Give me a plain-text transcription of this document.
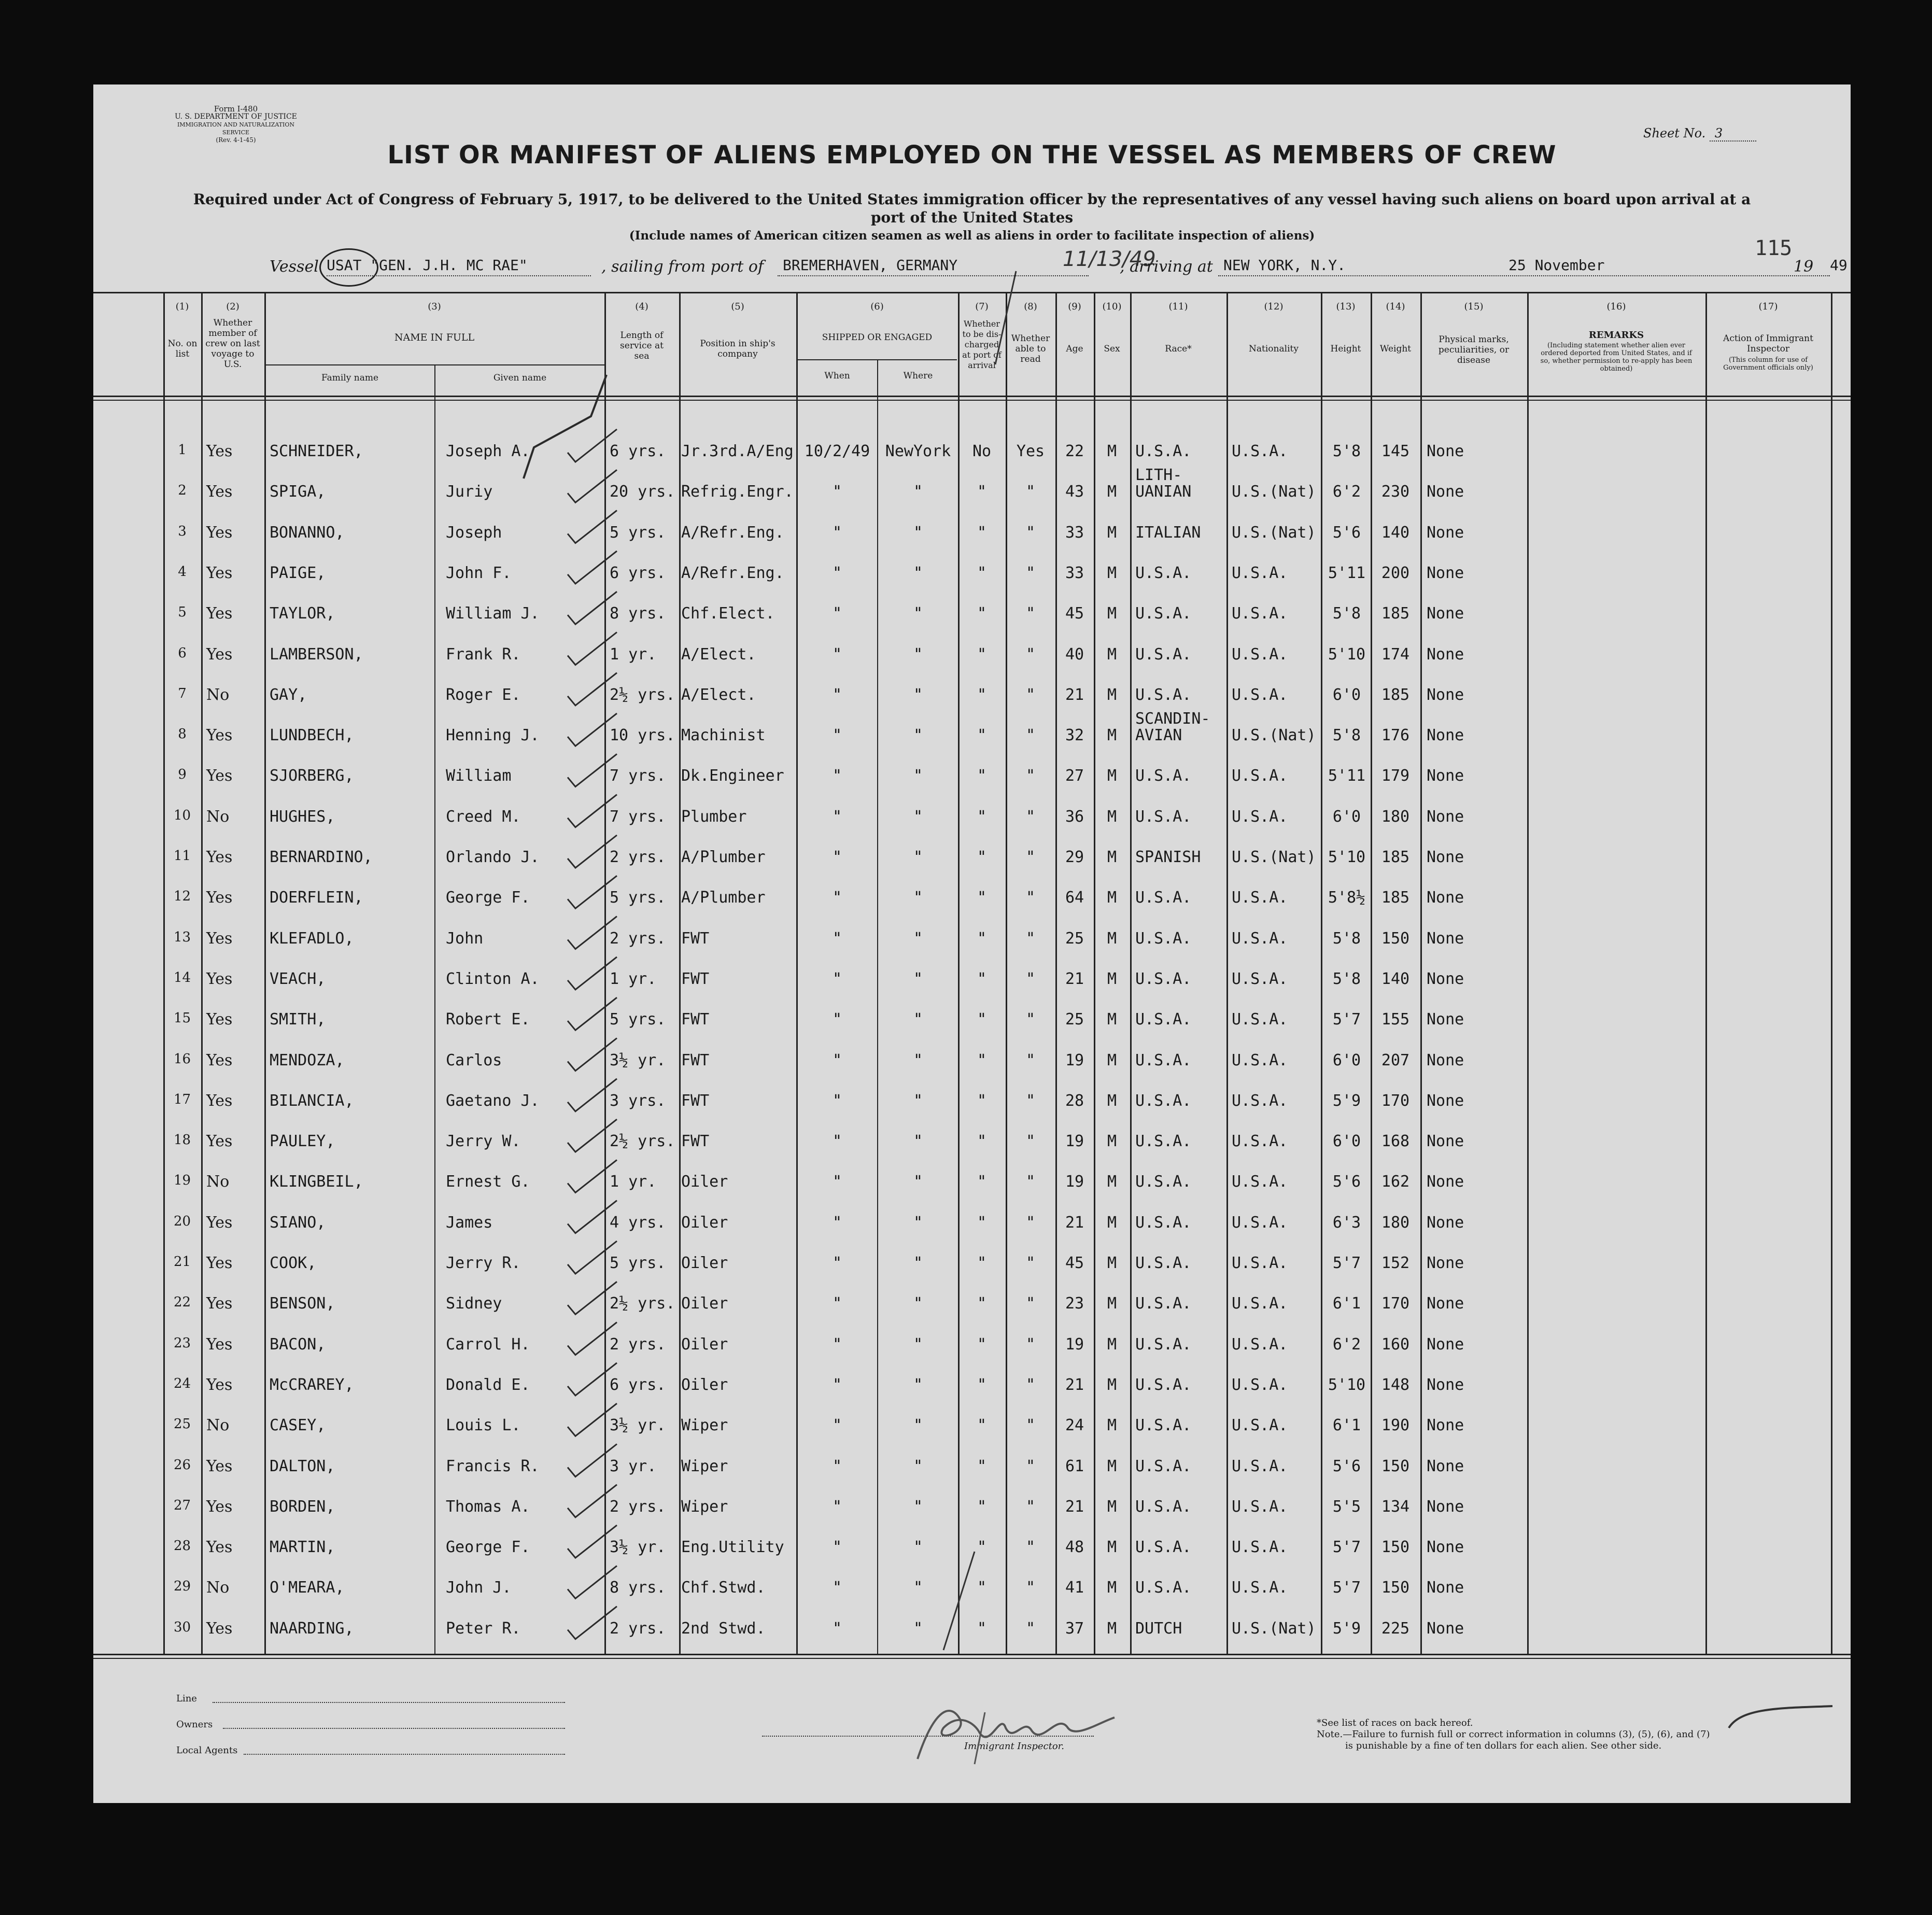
Form I-480
U. S. DEPARTMENT OF JUSTICE
IMMIGRATION AND NATURALIZATION SERVICE
(Rev. 4-1-45)	Sheet No. 3
LIST OR MANIFEST OF ALIENS EMPLOYED ON THE VESSEL AS MEMBERS OF CREW
Required under Act of Congress of February 5, 1917, to be delivered to the United States immigration officer by the representatives of any vessel having such aliens on board upon arrival at a
port of the United States
(Include names of American citizen seamen as well as aliens in order to facilitate inspection of aliens)
115
Vessel USAT "GEN. J.H. MC RAE"	, sailing from port of BREMERHAVEN, GERMANY	11/13/49
, arriving at NEW YORK, N.Y.	25 November	19 49
(1)
No. on list
(2)
Whether member of crew on last voyage to U.S.
(3)
NAME IN FULL
Family name	Given name
(4)
Length of service at sea
(5)
Position in ship's company
(6)
SHIPPED OR ENGAGED
When	Where
(7)
Whether to be dis-charged at port of arrival
(8)
Whether able to read
(9)
Age
(10)
Sex
(11)
Race*
(12)
Nationality
(13)
Height
(14)
Weight
(15)
Physical marks, peculiarities, or disease
(16)
REMARKS
(Including statement whether alien ever ordered deported from United States, and if so, whether permission to re-apply has been obtained)
(17)
Action of Immigrant Inspector
(This column for use of Government officials only)
1	Yes	SCHNEIDER,	Joseph A.	6 yrs. Jr.3rd.A/Eng 10/2/49 NewYork	No	Yes	22	M	U.S.A.	U.S.A.	5'8	145	None
2	Yes	SPIGA,	Juriy	20 yrs. Refrig.Engr.	"	"	"	"	43	M
LITH-
UANIAN	U.S.(Nat)	6'2	230	None
3	Yes	BONANNO,	Joseph	5 yrs. A/Refr.Eng.	"	"	"	"	33	M	ITALIAN	U.S.(Nat)	5'6	140	None
4	Yes	PAIGE,	John F.	6 yrs. A/Refr.Eng.	"	"	"	"	33	M	U.S.A.	U.S.A.	5'11	200	None
5	Yes	TAYLOR,	William J.	8 yrs. Chf.Elect.	"	"	"	"	45	M	U.S.A.	U.S.A.	5'8	185	None
6	Yes	LAMBERSON,	Frank R.	1 yr.	A/Elect.	"	"	"	"	40	M	U.S.A.	U.S.A.	5'10	174	None
7	No	GAY,	Roger E.	2½ yrs. A/Elect.	"	"	"	"	21	M	U.S.A.	U.S.A.	6'0	185	None
8	Yes	LUNDBECH,	Henning J.	10 yrs. Machinist	"	"	"	"	32	M
SCANDIN-
AVIAN	U.S.(Nat)	5'8	176	None
9	Yes	SJORBERG,	William	7 yrs. Dk.Engineer	"	"	"	"	27	M	U.S.A.	U.S.A.	5'11	179	None
10 No	HUGHES,	Creed M.	7 yrs. Plumber	"	"	"	"	36	M	U.S.A.	U.S.A.	6'0	180	None
11 Yes	BERNARDINO,	Orlando J.	2 yrs. A/Plumber	"	"	"	"	29	M	SPANISH	U.S.(Nat) 5'10	185	None
12 Yes	DOERFLEIN,	George F.	5 yrs. A/Plumber	"	"	"	"	64	M	U.S.A.	U.S.A.	5'8½	185	None
13 Yes	KLEFADLO,	John	2 yrs. FWT	"	"	"	"	25	M	U.S.A.	U.S.A.	5'8	150	None
14 Yes	VEACH,	Clinton A.	1 yr.	FWT	"	"	"	"	21	M	U.S.A.	U.S.A.	5'8	140	None
15 Yes	SMITH,	Robert E.	5 yrs. FWT	"	"	"	"	25	M	U.S.A.	U.S.A.	5'7	155	None
16 Yes	MENDOZA,	Carlos	3½ yr. FWT	"	"	"	"	19	M	U.S.A.	U.S.A.	6'0	207	None
17 Yes	BILANCIA,	Gaetano J.	3 yrs. FWT	"	"	"	"	28	M	U.S.A.	U.S.A.	5'9	170	None
18 Yes	PAULEY,	Jerry W.	2½ yrs. FWT	"	"	"	"	19	M	U.S.A.	U.S.A.	6'0	168	None
19 No	KLINGBEIL,	Ernest G.	1 yr.	Oiler	"	"	"	"	19	M	U.S.A.	U.S.A.	5'6	162	None
20 Yes	SIANO,	James	4 yrs. Oiler	"	"	"	"	21	M	U.S.A.	U.S.A.	6'3	180	None
21 Yes	COOK,	Jerry R.	5 yrs. Oiler	"	"	"	"	45	M	U.S.A.	U.S.A.	5'7	152	None
22 Yes	BENSON,	Sidney	2½ yrs. Oiler	"	"	"	"	23	M	U.S.A.	U.S.A.	6'1	170	None
23 Yes	BACON,	Carrol H.	2 yrs. Oiler	"	"	"	"	19	M	U.S.A.	U.S.A.	6'2	160	None
24 Yes	McCRAREY,	Donald E.	6 yrs. Oiler	"	"	"	"	21	M	U.S.A.	U.S.A.	5'10	148	None
25 No	CASEY,	Louis L.	3½ yr. Wiper	"	"	"	"	24	M	U.S.A.	U.S.A.	6'1	190	None
26 Yes	DALTON,	Francis R.	3 yr.	Wiper	"	"	"	"	61	M	U.S.A.	U.S.A.	5'6	150	None
27 Yes	BORDEN,	Thomas A.	2 yrs. Wiper	"	"	"	"	21	M	U.S.A.	U.S.A.	5'5	134	None
28 Yes	MARTIN,	George F.	3½ yr. Eng.Utility	"	"	"	"	48	M	U.S.A.	U.S.A.	5'7	150	None
29 No	O'MEARA,	John J.	8 yrs. Chf.Stwd.	"	"	"	"	41	M	U.S.A.	U.S.A.	5'7	150	None
30 Yes	NAARDING,	Peter R.	2 yrs. 2nd Stwd.	"	"	"	"	37	M	DUTCH	U.S.(Nat)	5'9	225	None
Line
Owners
Local Agents	Immigrant Inspector.
*See list of races on back hereof.
Note.—Failure to furnish full or correct information in columns (3), (5), (6), and (7)
is punishable by a fine of ten dollars for each alien. See other side.
